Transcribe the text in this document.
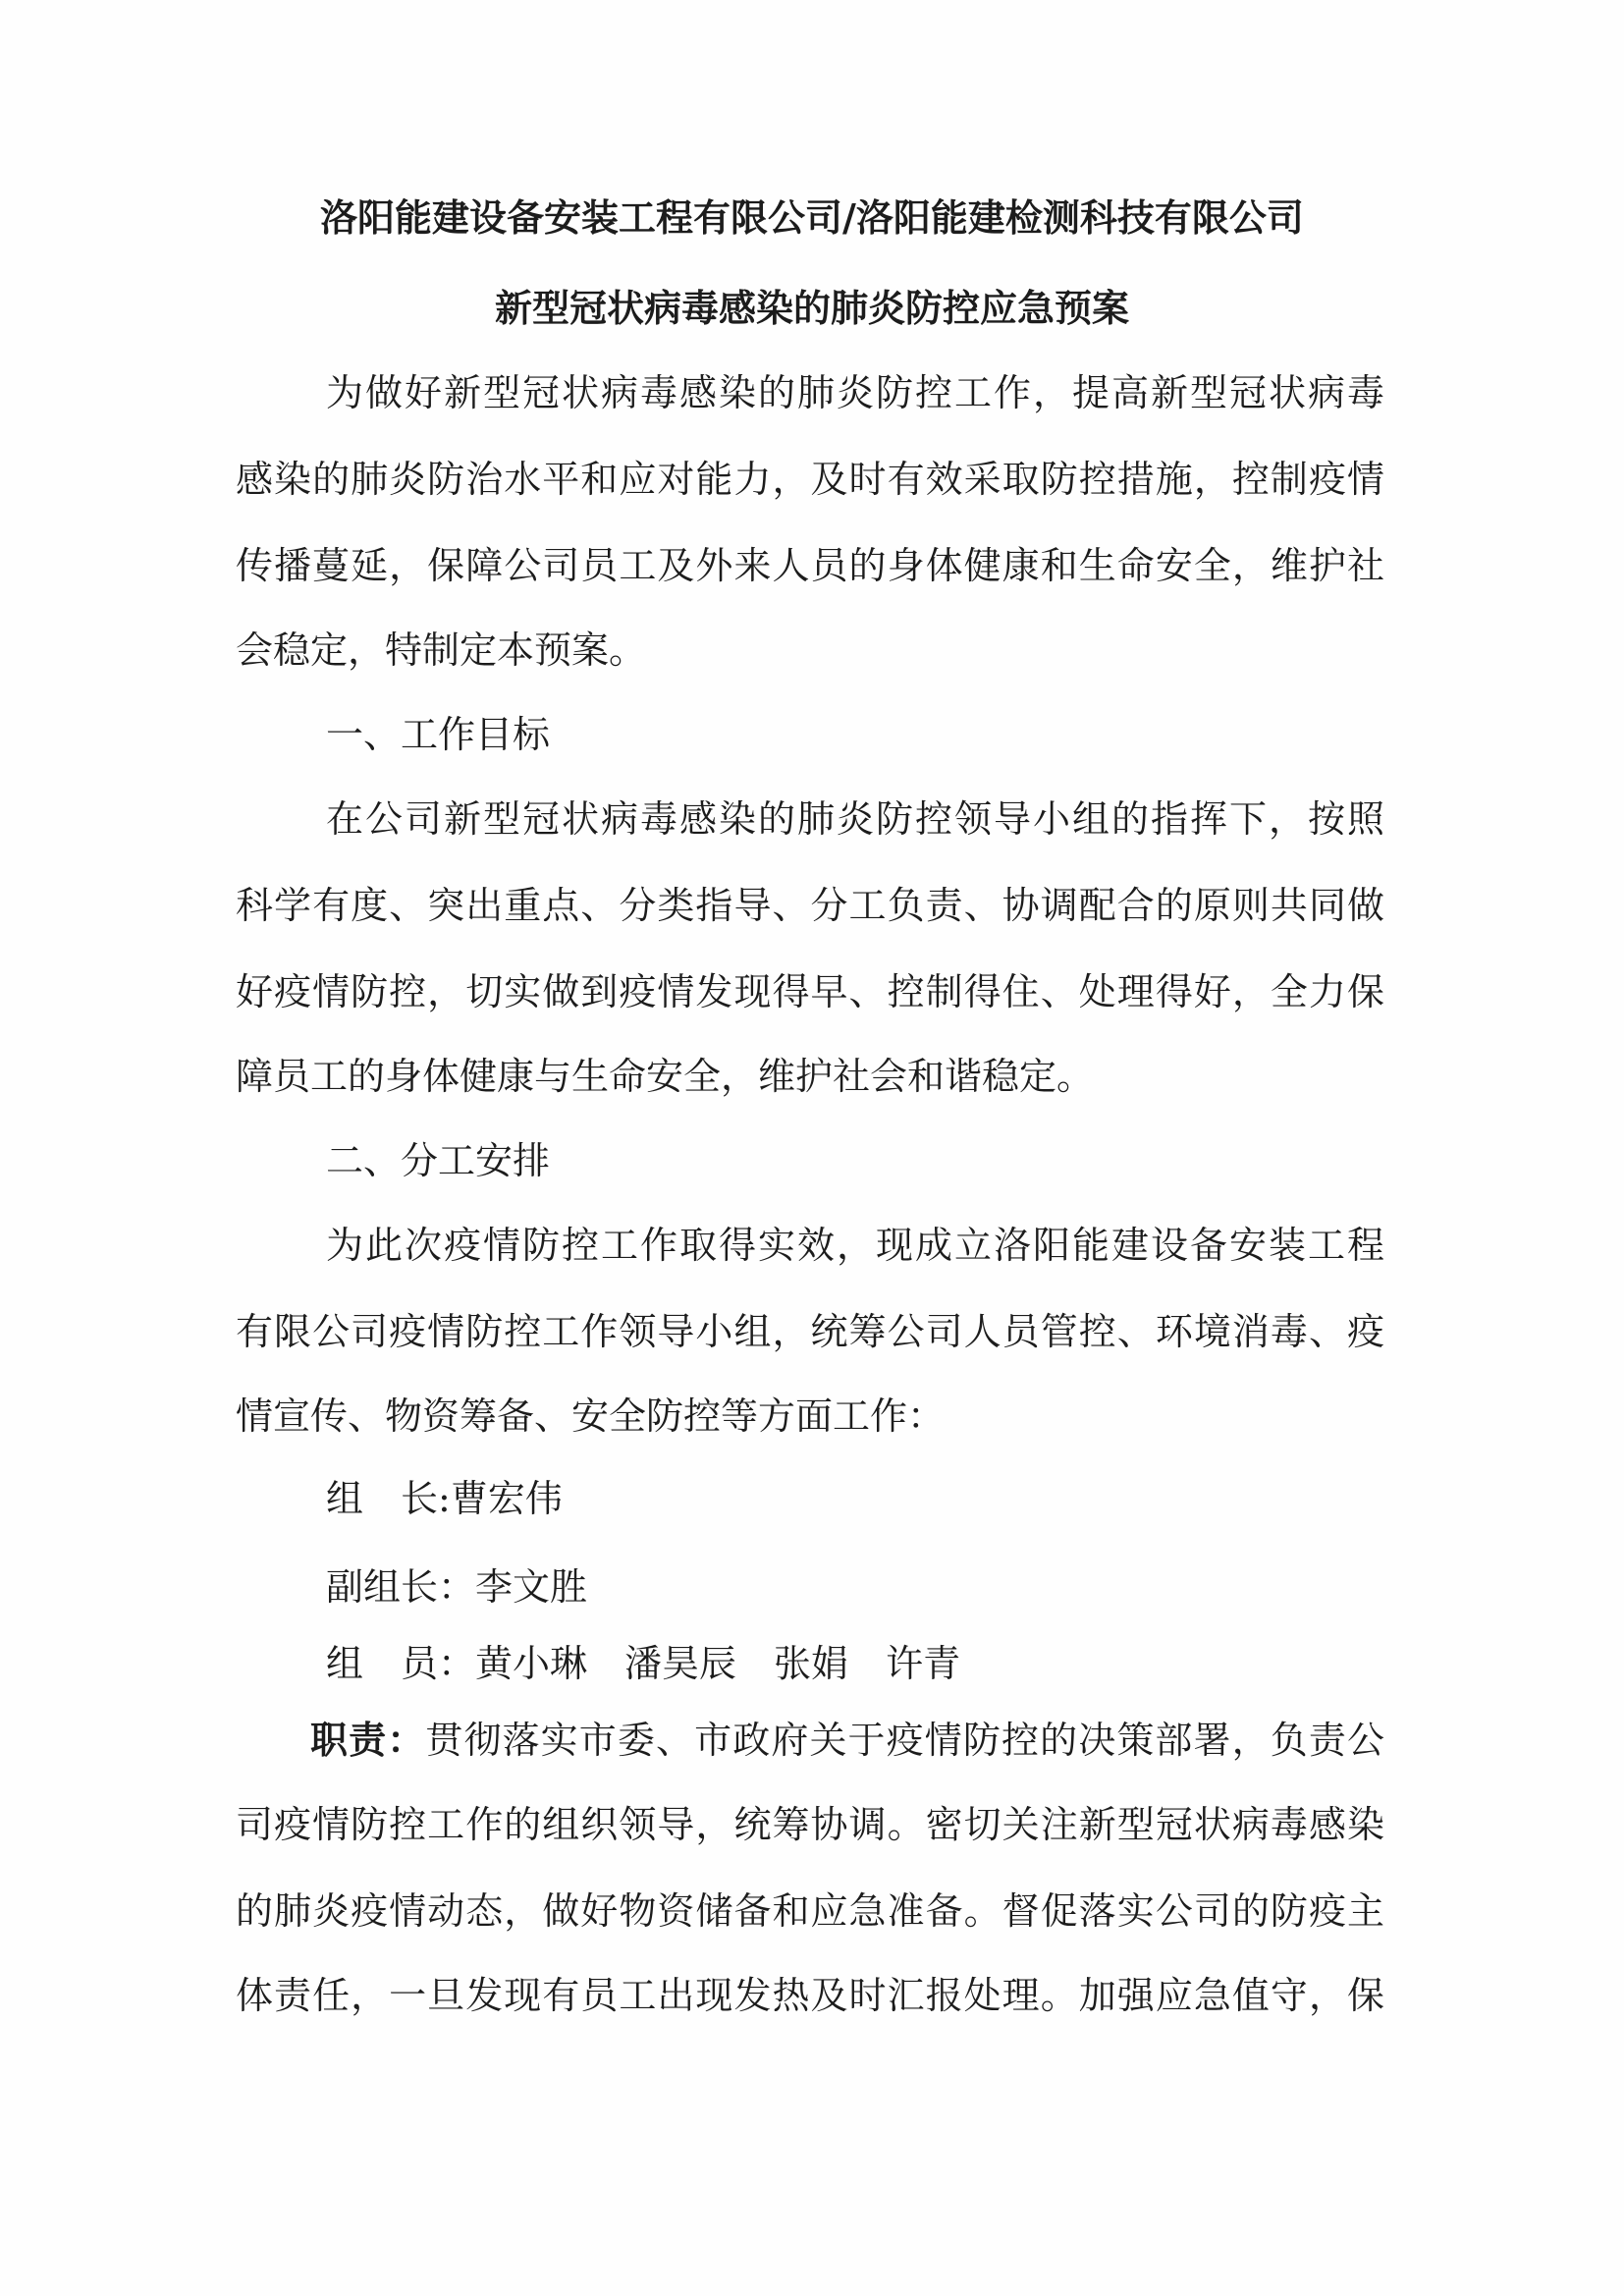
洛阳能建设备安装工程有限公司/洛阳能建检测科技有限公司
新型冠状病毒感染的肺炎防控应急预案
为做好新型冠状病毒感染的肺炎防控工作，提高新型冠状病毒
感染的肺炎防治水平和应对能力，及时有效采取防控措施，控制疫情
传播蔓延，保障公司员工及外来人员的身体健康和生命安全，维护社
会稳定，特制定本预案。
一、工作目标
在公司新型冠状病毒感染的肺炎防控领导小组的指挥下，按照
科学有度、突出重点、分类指导、分工负责、协调配合的原则共同做
好疫情防控，切实做到疫情发现得早、控制得住、处理得好，全力保
障员工的身体健康与生命安全，维护社会和谐稳定。
二、分工安排
为此次疫情防控工作取得实效，现成立洛阳能建设备安装工程
有限公司疫情防控工作领导小组，统筹公司人员管控、环境消毒、疫
情宣传、物资筹备、安全防控等方面工作：
组　长:曹宏伟
副组长：李文胜
组　员：黄小琳 潘昊辰 张娟 许青
职责：贯彻落实市委、市政府关于疫情防控的决策部署，负责公
司疫情防控工作的组织领导，统筹协调。密切关注新型冠状病毒感染
的肺炎疫情动态，做好物资储备和应急准备。督促落实公司的防疫主
体责任，一旦发现有员工出现发热及时汇报处理。加强应急值守，保
